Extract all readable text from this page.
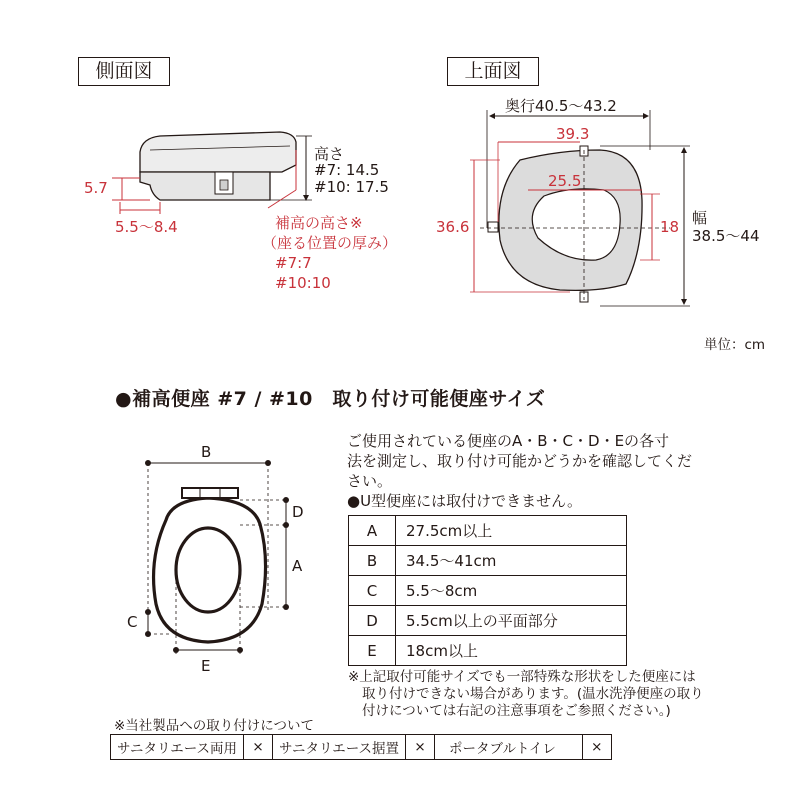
側面図	上面図
高さ
#7: 14.5
#10: 17.5
5.7
5.5～8.4	補高の高さ※
（座る位置の厚み）
#7:7
#10:10
奥行40.5～43.2
39.3
25.5
36.6	18 幅
38.5～44
単位：cm
●補高便座 #7 / #10　取り付け可能便座サイズ
B
D
A
C
E
ご使用されている便座のA・B・C・D・Eの各寸
法を測定し、取り付け可能かどうかを確認してくだ
さい。
●U型便座には取付けできません。
A	27.5cm以上
B	34.5～41cm
C	5.5～8cm
D	5.5cm以上の平面部分
E	18cm以上
※上記取付可能サイズでも一部特殊な形状をした便座には
取り付けできない場合があります。(温水洗浄便座の取り
付けについては右記の注意事項をご参照ください。)
※当社製品への取り付けについて
サニタリエース両用	×	サニタリエース据置	×	ポータブルトイレ	×
